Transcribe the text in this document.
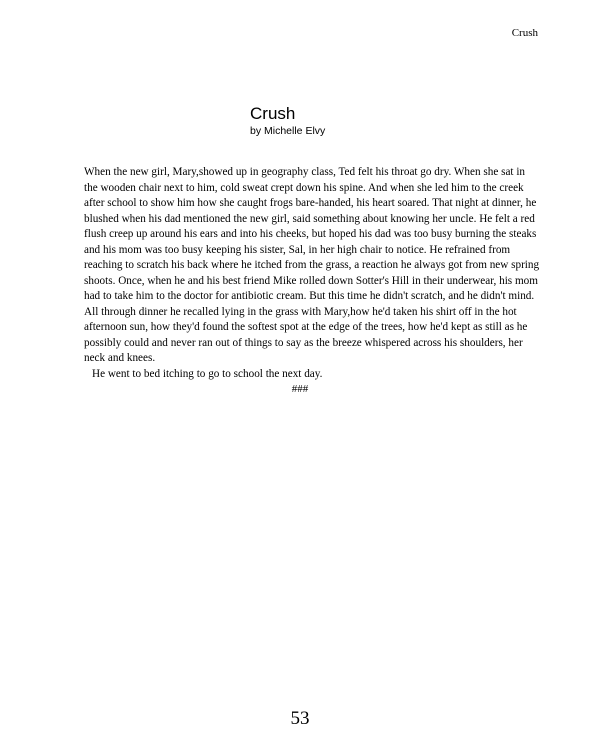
Crush
Crush
by Michelle Elvy

When the new girl, Mary,showed up in geography class, Ted felt his throat go dry. When she sat in the wooden chair next to him, cold sweat crept down his spine. And when she led him to the creek after school to show him how she caught frogs bare-handed, his heart soared. That night at dinner, he blushed when his dad mentioned the new girl, said something about knowing her uncle. He felt a red flush creep up around his ears and into his cheeks, but hoped his dad was too busy burning the steaks and his mom was too busy keeping his sister, Sal, in her high chair to notice. He refrained from reaching to scratch his back where he itched from the grass, a reaction he always got from new spring shoots. Once, when he and his best friend Mike rolled down Sotter's Hill in their underwear, his mom had to take him to the doctor for antibiotic cream. But this time he didn't scratch, and he didn't mind. All through dinner he recalled lying in the grass with Mary,how he'd taken his shirt off in the hot afternoon sun, how they'd found the softest spot at the edge of the trees, how he'd kept as still as he possibly could and never ran out of things to say as the breeze whispered across his shoulders, her neck and knees.

He went to bed itching to go to school the next day.

###
53
